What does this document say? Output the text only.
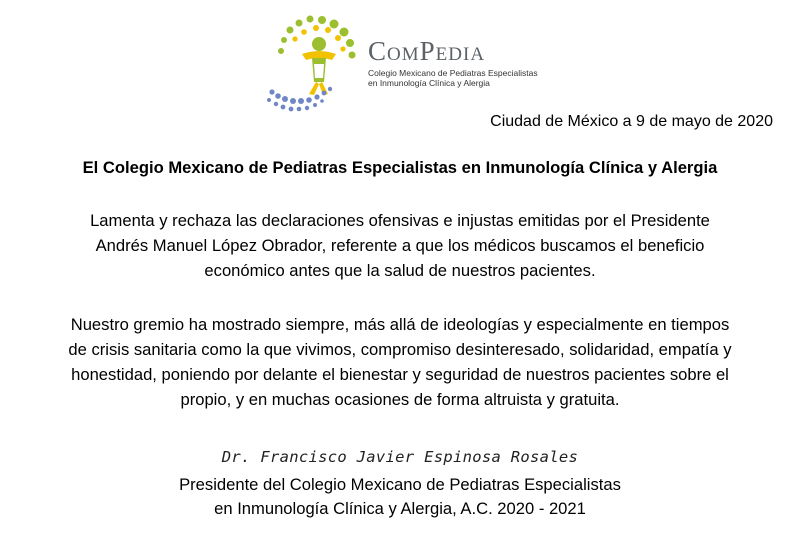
COMPEDIA
Colegio Mexicano de Pediatras Especialistas
en Inmunología Clínica y Alergia
Ciudad de México a 9 de mayo de 2020
El Colegio Mexicano de Pediatras Especialistas en Inmunología Clínica y Alergia
Lamenta y rechaza las declaraciones ofensivas e injustas emitidas por el Presidente
Andrés Manuel López Obrador, referente a que los médicos buscamos el beneficio
económico antes que la salud de nuestros pacientes.
Nuestro gremio ha mostrado siempre, más allá de ideologías y especialmente en tiempos
de crisis sanitaria como la que vivimos, compromiso desinteresado, solidaridad, empatía y
honestidad, poniendo por delante el bienestar y seguridad de nuestros pacientes sobre el
propio, y en muchas ocasiones de forma altruista y gratuita.
Dr. Francisco Javier Espinosa Rosales
Presidente del Colegio Mexicano de Pediatras Especialistas
en Inmunología Clínica y Alergia, A.C. 2020 - 2021
